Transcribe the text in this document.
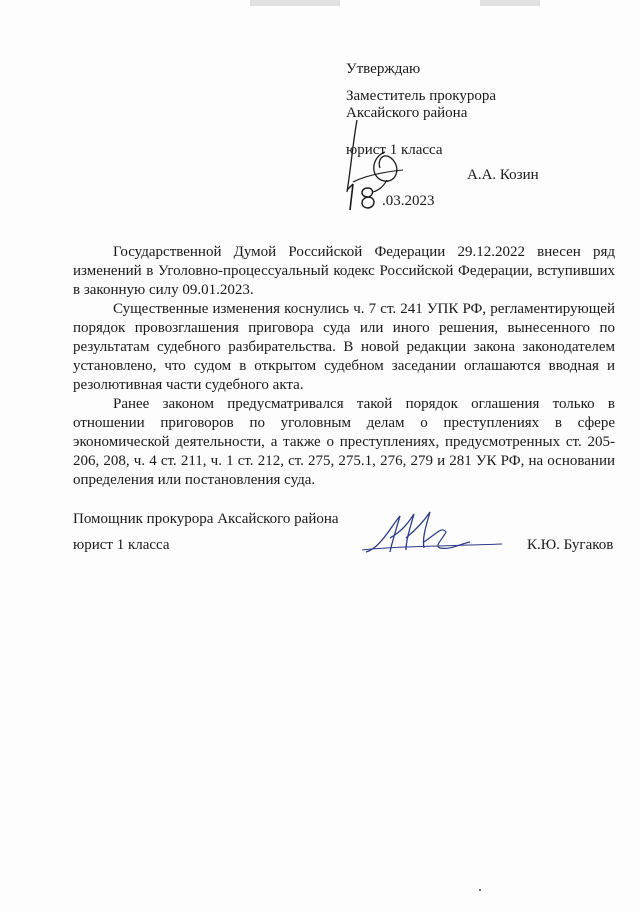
Утверждаю
Заместитель прокурора
Аксайского района
юрист 1 класса
А.А. Козин
.03.2023

Государственной Думой Российской Федерации 29.12.2022 внесен ряд изменений в Уголовно-процессуальный кодекс Российской Федерации, вступивших в законную силу 09.01.2023.

Существенные изменения коснулись ч. 7 ст. 241 УПК РФ, регламентирующей порядок провозглашения приговора суда или иного решения, вынесенного по результатам судебного разбирательства. В новой редакции закона законодателем установлено, что судом в открытом судебном заседании оглашаются вводная и резолютивная части судебного акта.

Ранее законом предусматривался такой порядок оглашения только в отношении приговоров по уголовным делам о преступлениях в сфере экономической деятельности, а также о преступлениях, предусмотренных ст. 205-206, 208, ч. 4 ст. 211, ч. 1 ст. 212, ст. 275, 275.1, 276, 279 и 281 УК РФ, на основании определения или постановления суда.

Помощник прокурора Аксайского района
юрист 1 класса	К.Ю. Бугаков
